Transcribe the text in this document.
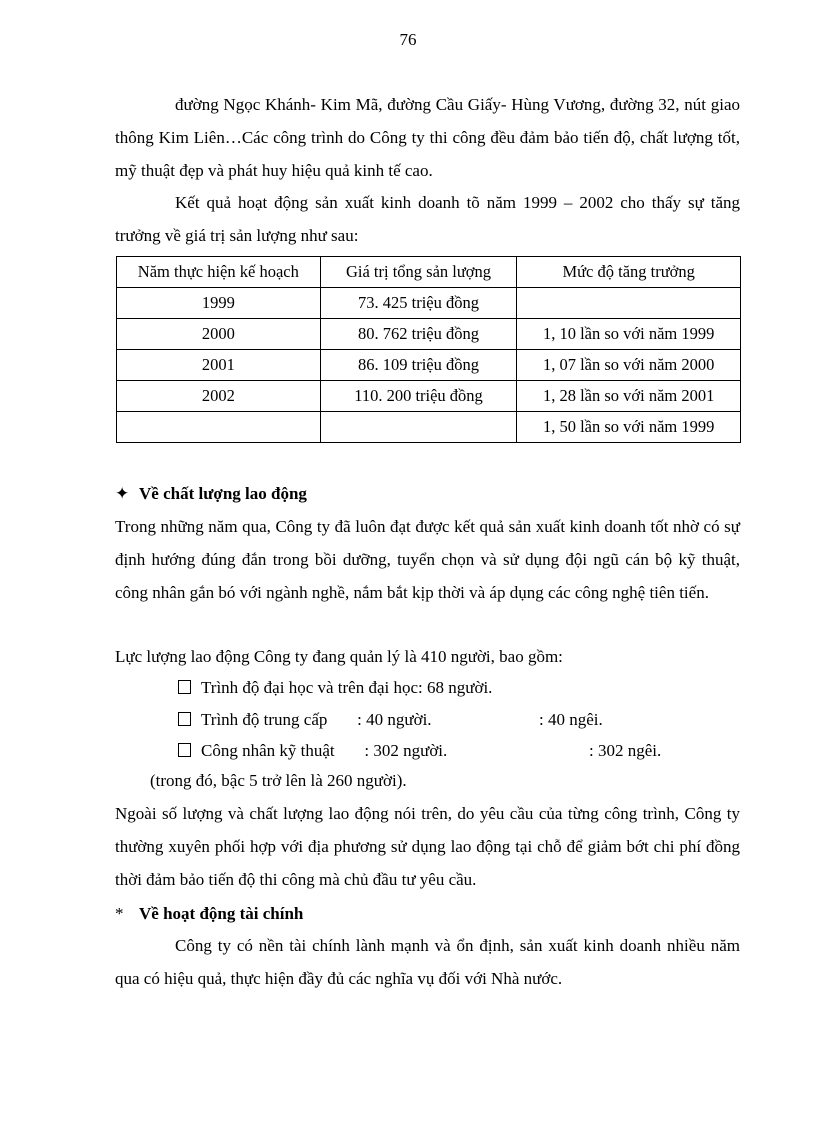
76

đường Ngọc Khánh- Kim Mã, đường Cầu Giấy- Hùng Vương, đường 32, nút giao thông Kim Liên…Các công trình do Công ty thi công đều đảm bảo tiến độ, chất lượng tốt, mỹ thuật đẹp và phát huy hiệu quả kinh tế cao.

Kết quả hoạt động sản xuất kinh doanh tõ năm 1999 – 2002 cho thấy sự tăng trưởng về giá trị sản lượng như sau:

Năm thực hiện kế hoạch	Giá trị tổng sản lượng	Mức độ tăng trưởng
1999	73. 425 triệu đồng	
2000	80. 762 triệu đồng	1, 10 lần so với năm 1999
2001	86. 109 triệu đồng	1, 07 lần so với năm 2000
2002	110. 200 triệu đồng	1, 28 lần so với năm 2001
		1, 50 lần so với năm 1999
✦ Về chất lượng lao động

Trong những năm qua, Công ty đã luôn đạt được kết quả sản xuất kinh doanh tốt nhờ có sự định hướng đúng đắn trong bồi dưỡng, tuyển chọn và sử dụng đội ngũ cán bộ kỹ thuật, công nhân gắn bó với ngành nghề, nắm bắt kịp thời và áp dụng các công nghệ tiên tiến.

Lực lượng lao động Công ty đang quản lý là 410 người, bao gồm:
Trình độ đại học và trên đại học: 68 người.
Trình độ trung cấp       : 40 người.	: 40 ngêi.
Công nhân kỹ thuật       : 302 người.	: 302 ngêi.
(trong đó, bậc 5 trở lên là 260 người).

Ngoài số lượng và chất lượng lao động nói trên, do yêu cầu của từng công trình, Công ty thường xuyên phối hợp với địa phương sử dụng lao động tại chỗ để giảm bớt chi phí đồng thời đảm bảo tiến độ thi công mà chủ đầu tư yêu cầu.

* Về hoạt động tài chính

Công ty có nền tài chính lành mạnh và ổn định, sản xuất kinh doanh nhiều năm qua có hiệu quả, thực hiện đầy đủ các nghĩa vụ đối với Nhà nước.
